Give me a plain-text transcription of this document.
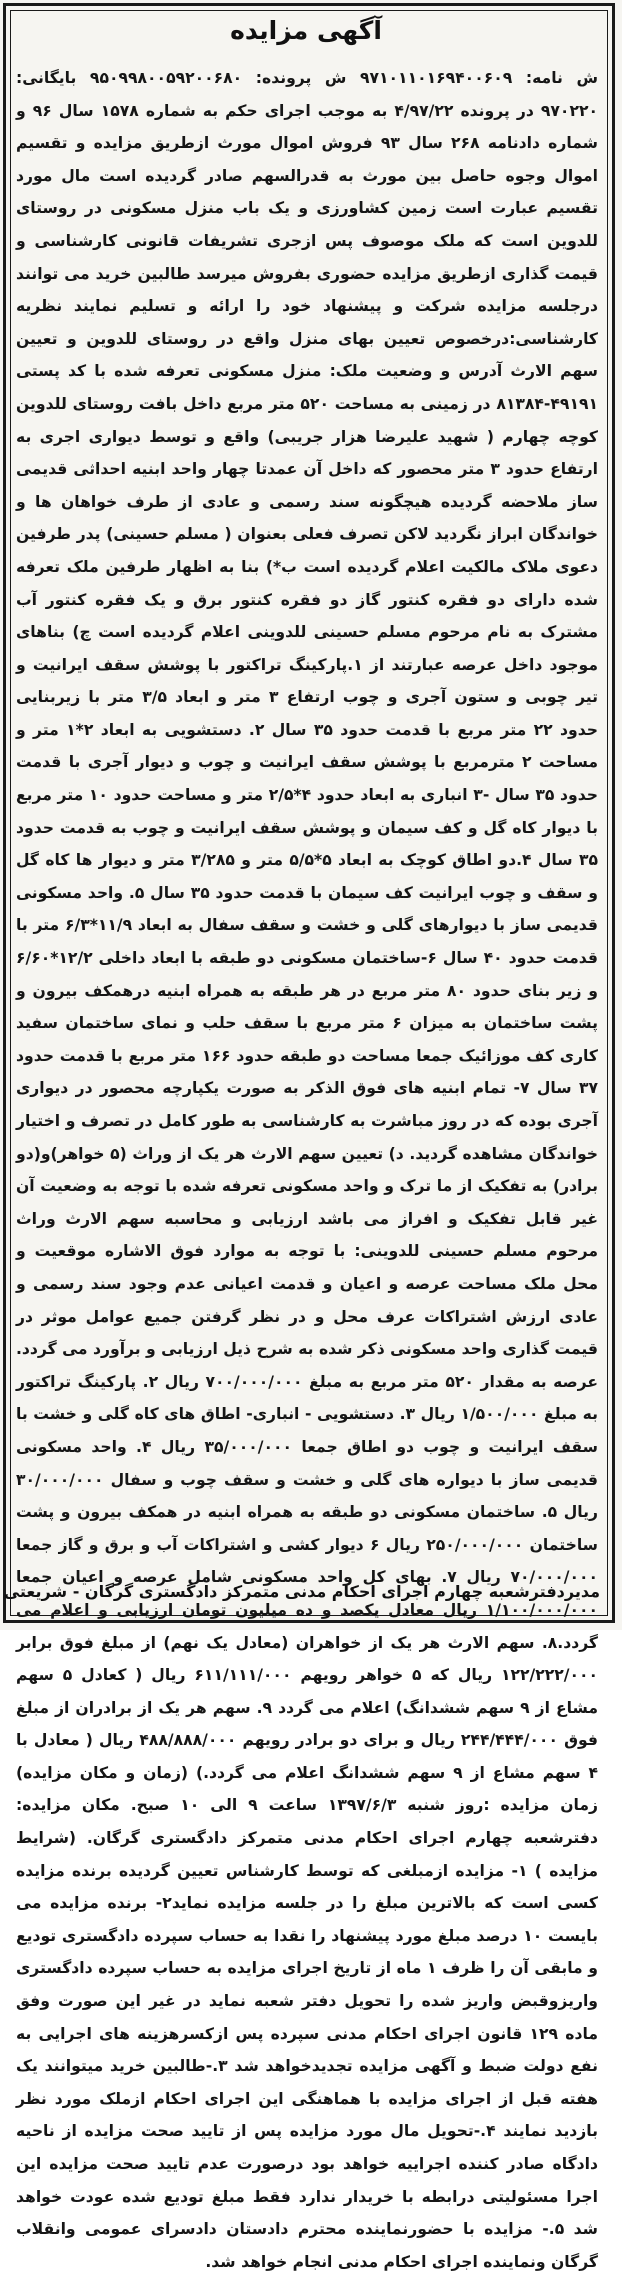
آگهی مزایده
ش نامه: ۹۷۱۰۱۱۰۱۶۹۴۰۰۶۰۹ ش پرونده: ۹۵۰۹۹۸۰۰۵۹۲۰۰۶۸۰ بایگانی: ۹۷۰۲۲۰ در پرونده ۴/۹۷/۲۲ به موجب اجرای حکم به شماره ۱۵۷۸ سال ۹۶ و شماره دادنامه ۲۶۸ سال ۹۳ فروش اموال مورث ازطریق مزایده و تقسیم اموال وجوه حاصل بین مورث به قدرالسهم صادر گردیده است مال مورد تقسیم عبارت است زمین کشاورزی و یک باب منزل مسکونی در روستای للدوین است که ملک موصوف پس ازجری تشریفات قانونی کارشناسی و قیمت گذاری ازطریق مزایده حضوری بفروش میرسد طالبین خرید می توانند درجلسه مزایده شرکت و پیشنهاد خود را ارائه و تسلیم نمایند نظریه کارشناسی:درخصوص تعیین بهای منزل واقع در روستای للدوین و تعیین سهم الارث آدرس و وضعیت ملک: منزل مسکونی تعرفه شده با کد پستی ۴۹۱۹۱-۸۱۳۸۴ در زمینی به مساحت ۵۲۰ متر مربع داخل بافت روستای للدوین کوچه چهارم ( شهید علیرضا هزار جریبی) واقع و توسط دیواری اجری به ارتفاع حدود ۳ متر محصور که داخل آن عمدتا چهار واحد ابنیه احداثی قدیمی ساز ملاحضه گردیده هیچگونه سند رسمی و عادی از طرف خواهان ها و خواندگان ابراز نگردید لاکن تصرف فعلی بعنوان ( مسلم حسینی) پدر طرفین دعوی ملاک مالکیت اعلام گردیده است ب*) بنا به اظهار طرفین ملک تعرفه شده دارای دو فقره کنتور گاز دو فقره کنتور برق و یک فقره کنتور آب مشترک به نام مرحوم مسلم حسینی للدوینی اعلام گردیده است چ) بناهای موجود داخل عرصه عبارتند از ۱.پارکینگ تراکتور با پوشش سقف ایرانیت و تیر چوبی و ستون آجری و چوب ارتفاع ۳ متر و ابعاد ۳/۵ متر با زیربنایی حدود ۲۲ متر مربع با قدمت حدود ۳۵ سال ۲. دستشویی به ابعاد ۲*۱ متر و مساحت ۲ مترمربع با پوشش سقف ایرانیت و چوب و دیوار آجری با قدمت حدود ۳۵ سال -۳ انباری به ابعاد حدود ۴*۲/۵ متر و مساحت حدود ۱۰ متر مربع با دیوار کاه گل و کف سیمان و پوشش سقف ایرانیت و چوب به قدمت حدود ۳۵ سال ۴.دو اطاق کوچک به ابعاد ۵*۵/۵ متر و ۳/۲۸۵ متر و دیوار ها کاه گل و سقف و چوب ایرانیت کف سیمان با قدمت حدود ۳۵ سال ۵. واحد مسکونی قدیمی ساز با دیوارهای گلی و خشت و سقف سفال به ابعاد ۱۱/۹*۶/۳ متر با قدمت حدود ۴۰ سال ۶-ساختمان مسکونی دو طبقه با ابعاد داخلی ۱۲/۲*۶/۶۰ و زیر بنای حدود ۸۰ متر مربع در هر طبقه به همراه ابنیه درهمکف بیرون و پشت ساختمان به میزان ۶ متر مربع با سقف حلب و نمای ساختمان سفید کاری کف موزائیک جمعا مساحت دو طبقه حدود ۱۶۶ متر مربع با قدمت حدود ۳۷ سال ۷- تمام ابنیه های فوق الذکر به صورت یکپارچه محصور در دیواری آجری بوده که در روز مباشرت به کارشناسی به طور کامل در تصرف و اختیار خواندگان مشاهده گردید. د) تعیین سهم الارث هر یک از وراث (۵ خواهر)و(دو برادر) به تفکیک از ما ترک و واحد مسکونی تعرفه شده با توجه به وضعیت آن غیر قابل تفکیک و افراز می باشد ارزیابی و محاسبه سهم الارث وراث مرحوم مسلم حسینی للدوینی: با توجه به موارد فوق الاشاره موقعیت و محل ملک مساحت عرصه و اعیان و قدمت اعیانی عدم وجود سند رسمی و عادی ارزش اشتراکات عرف محل و در نظر گرفتن جمیع عوامل موثر در قیمت گذاری واحد مسکونی ذکر شده به شرح ذیل ارزیابی و برآورد می گردد. عرصه به مقدار ۵۲۰ متر مربع به مبلغ ۷۰۰/۰۰۰/۰۰۰ ریال ۲. پارکینگ تراکتور به مبلغ ۱/۵۰۰/۰۰۰ ریال ۳. دستشویی - انباری- اطاق های کاه گلی و خشت با سقف ایرانیت و چوب دو اطاق جمعا ۳۵/۰۰۰/۰۰۰ ریال ۴. واحد مسکونی قدیمی ساز با دیواره های گلی و خشت و سقف چوب و سفال ۳۰/۰۰۰/۰۰۰ ریال ۵. ساختمان مسکونی دو طبقه به همراه ابنیه در همکف بیرون و پشت ساختمان ۲۵۰/۰۰۰/۰۰۰ ریال ۶ دیوار کشی و اشتراکات آب و برق و گاز جمعا ۷۰/۰۰۰/۰۰۰ ریال ۷. بهای کل واحد مسکونی شامل عرصه و اعیان جمعا ۱/۱۰۰/۰۰۰/۰۰۰ ریال معادل یکصد و ده میلیون تومان ارزیابی و اعلام می گردد.۸. سهم الارث هر یک از خواهران (معادل یک نهم) از مبلغ فوق برابر ۱۲۲/۲۲۲/۰۰۰ ریال که ۵ خواهر رویهم ۶۱۱/۱۱۱/۰۰۰ ریال ( کعادل ۵ سهم مشاع از ۹ سهم ششدانگ) اعلام می گردد ۹. سهم هر یک از برادران از مبلغ فوق ۲۴۴/۴۴۴/۰۰۰ ریال و برای دو برادر رویهم ۴۸۸/۸۸۸/۰۰۰ ریال ( معادل با ۴ سهم مشاع از ۹ سهم ششدانگ اعلام می گردد.) (زمان و مکان مزایده) زمان مزایده :روز شنبه ۱۳۹۷/۶/۳ ساعت ۹ الی ۱۰ صبح. مکان مزایده: دفترشعبه چهارم اجرای احکام مدنی متمرکز دادگستری گرگان. (شرایط مزایده ) ۱- مزایده ازمبلغی که توسط کارشناس تعیین گردیده برنده مزایده کسی است که بالاترین مبلغ را در جلسه مزایده نماید۲- برنده مزایده می بایست ۱۰ درصد مبلغ مورد پیشنهاد را نقدا به حساب سپرده دادگستری تودیع و مابقی آن را ظرف ۱ ماه از تاریخ اجرای مزایده به حساب سپرده دادگستری واریزوقبض واریز شده را تحویل دفتر شعبه نماید در غیر این صورت وفق ماده ۱۲۹ قانون اجرای احکام مدنی سپرده پس ازکسرهزینه های اجرایی به نفع دولت ضبط و آگهی مزایده تجدیدخواهد شد ۳.-طالبین خرید میتوانند یک هفته قبل از اجرای مزایده با هماهنگی این اجرای احکام ازملک مورد نظر بازدید نمایند ۴.-تحویل مال مورد مزایده پس از تایید صحت مزایده از ناحیه دادگاه صادر کننده اجراییه خواهد بود درصورت عدم تایید صحت مزایده این اجرا مسئولیتی درابطه با خریدار ندارد فقط مبلغ تودیع شده عودت خواهد شد ۵.- مزایده با حضورنماینده محترم دادستان دادسرای عمومی وانقلاب گرگان ونماینده اجرای احکام مدنی انجام خواهد شد.
مدیردفترشعبه چهارم اجرای احکام مدنی متمرکز دادگستری گرگان - شریعتی
